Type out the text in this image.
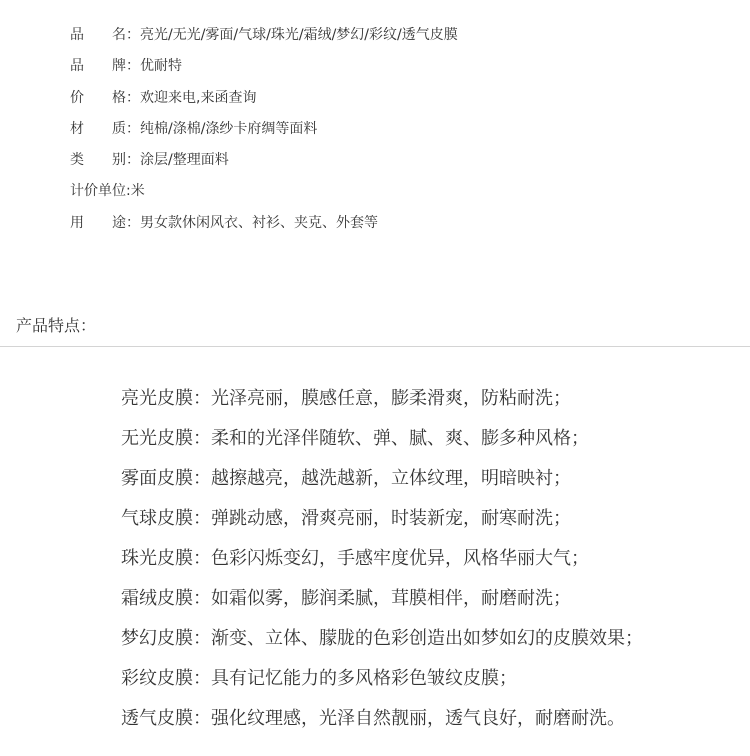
品 名 ： 亮光/无光/雾面/气球/珠光/霜绒/梦幻/彩纹/透气皮膜
品 牌 ： 优耐特
价 格 ： 欢迎来电,来函查询
材 质 ： 纯棉/涤棉/涤纱卡府绸等面料
类 别 ： 涂层/整理面料
计价单位 : 米
用 途 ： 男女款休闲风衣、衬衫、夹克、外套等
产品特点：
亮光皮膜：光泽亮丽，膜感任意，膨柔滑爽，防粘耐洗；
无光皮膜：柔和的光泽伴随软、弹、腻、爽、膨多种风格；
雾面皮膜：越擦越亮，越洗越新，立体纹理，明暗映衬；
气球皮膜：弹跳动感，滑爽亮丽，时装新宠，耐寒耐洗；
珠光皮膜：色彩闪烁变幻，手感牢度优异，风格华丽大气；
霜绒皮膜：如霜似雾，膨润柔腻，茸膜相伴，耐磨耐洗；
梦幻皮膜：渐变、立体、朦胧的色彩创造出如梦如幻的皮膜效果；
彩纹皮膜：具有记忆能力的多风格彩色皱纹皮膜；
透气皮膜：强化纹理感，光泽自然靓丽，透气良好，耐磨耐洗。
